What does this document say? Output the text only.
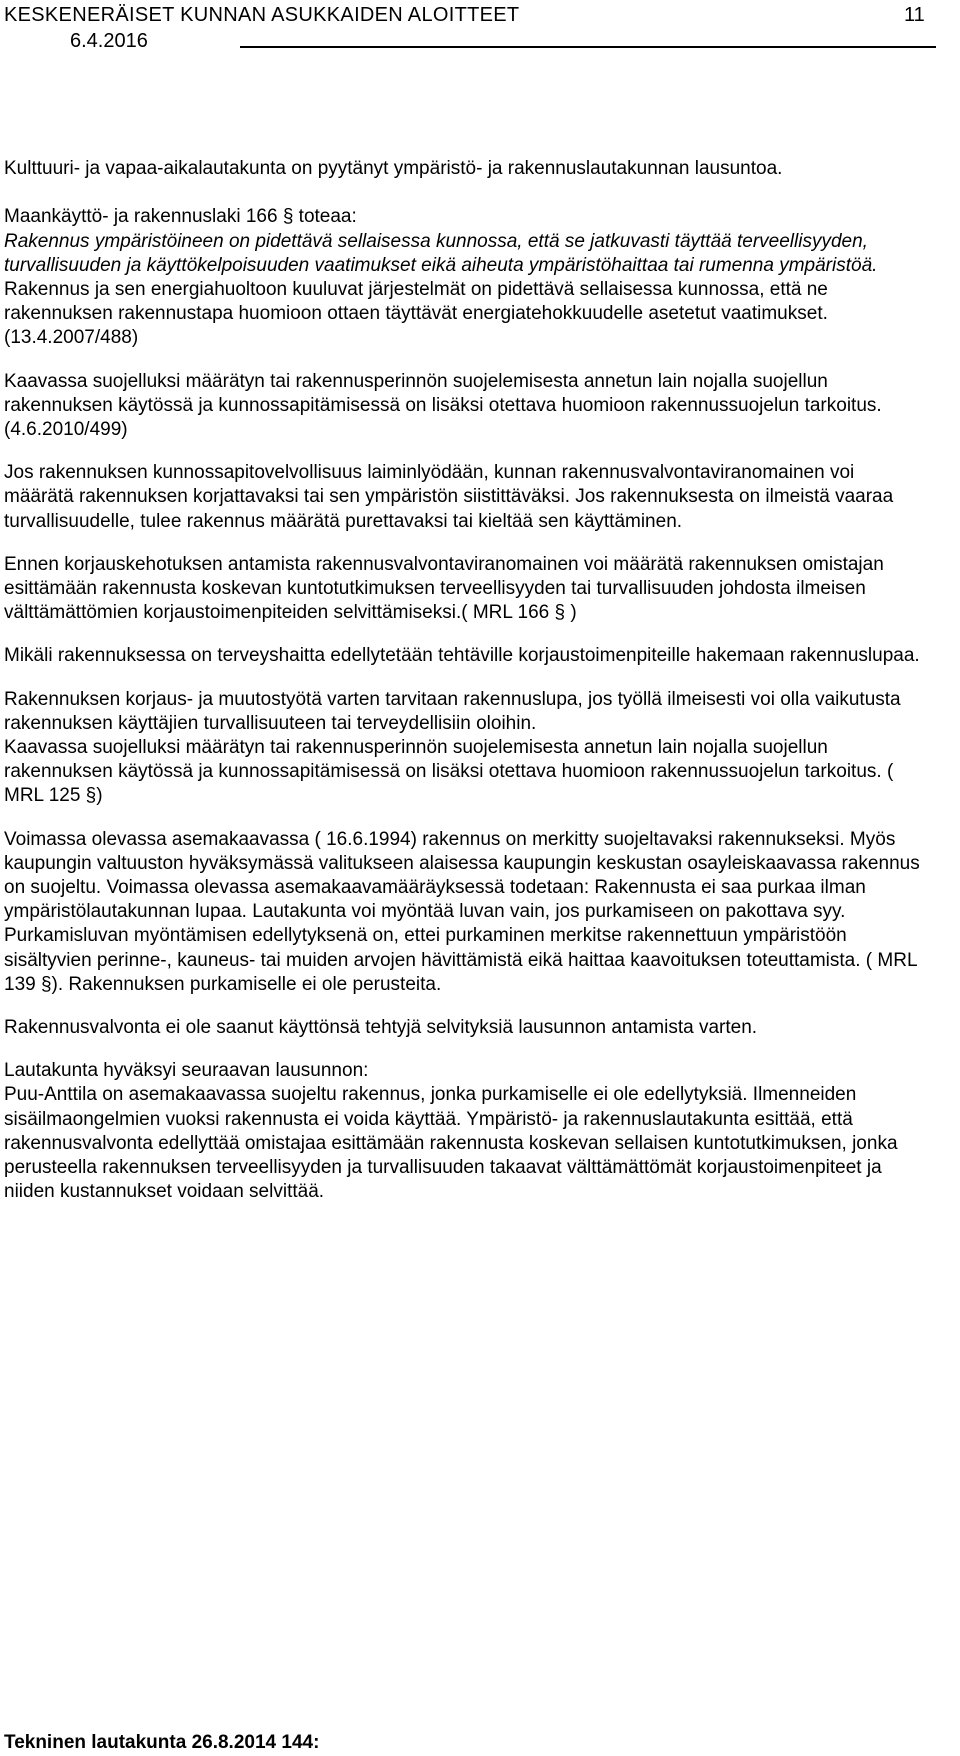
KESKENERÄISET KUNNAN ASUKKAIDEN ALOITTEET	11
6.4.2016

Kulttuuri- ja vapaa-aikalautakunta on pyytänyt ympäristö- ja rakennuslautakunnan lausuntoa.

Maankäyttö- ja rakennuslaki 166 § toteaa:

Rakennus ympäristöineen on pidettävä sellaisessa kunnossa, että se jatkuvasti täyttää terveellisyyden, turvallisuuden ja käyttökelpoisuuden vaatimukset eikä aiheuta ympäristöhaittaa tai rumenna ympäristöä. Rakennus ja sen energiahuoltoon kuuluvat järjestelmät on pidettävä sellaisessa kunnossa, että ne rakennuksen rakennustapa huomioon ottaen täyttävät energiatehokkuudelle asetetut vaatimukset. (13.4.2007/488)

Kaavassa suojelluksi määrätyn tai rakennusperinnön suojelemisesta annetun lain nojalla suojellun rakennuksen käytössä ja kunnossapitämisessä on lisäksi otettava huomioon rakennussuojelun tarkoitus. (4.6.2010/499)

Jos rakennuksen kunnossapitovelvollisuus laiminlyödään, kunnan rakennusvalvontaviranomainen voi määrätä rakennuksen korjattavaksi tai sen ympäristön siistittäväksi. Jos rakennuksesta on ilmeistä vaaraa turvallisuudelle, tulee rakennus määrätä purettavaksi tai kieltää sen käyttäminen.

Ennen korjauskehotuksen antamista rakennusvalvontaviranomainen voi määrätä rakennuksen omistajan esittämään rakennusta koskevan kuntotutkimuksen terveellisyyden tai turvallisuuden johdosta ilmeisen välttämättömien korjaustoimenpiteiden selvittämiseksi.( MRL 166 § )

Mikäli rakennuksessa on terveyshaitta edellytetään tehtäville korjaustoimenpiteille hakemaan rakennuslupaa.

Rakennuksen korjaus- ja muutostyötä varten tarvitaan rakennuslupa, jos työllä ilmeisesti voi olla vaikutusta rakennuksen käyttäjien turvallisuuteen tai terveydellisiin oloihin.

Kaavassa suojelluksi määrätyn tai rakennusperinnön suojelemisesta annetun lain nojalla suojellun rakennuksen käytössä ja kunnossapitämisessä on lisäksi otettava huomioon rakennussuojelun tarkoitus. ( MRL 125 §)

Voimassa olevassa asemakaavassa ( 16.6.1994) rakennus on merkitty suojeltavaksi rakennukseksi. Myös kaupungin valtuuston hyväksymässä valitukseen alaisessa kaupungin keskustan osayleiskaavassa rakennus on suojeltu. Voimassa olevassa asemakaavamääräyksessä todetaan: Rakennusta ei saa purkaa ilman ympäristölautakunnan lupaa. Lautakunta voi myöntää luvan vain, jos purkamiseen on pakottava syy. Purkamisluvan myöntämisen edellytyksenä on, ettei purkaminen merkitse rakennettuun ympäristöön sisältyvien perinne-, kauneus- tai muiden arvojen hävittämistä eikä haittaa kaavoituksen toteuttamista. ( MRL 139 §). Rakennuksen purkamiselle ei ole perusteita.

Rakennusvalvonta ei ole saanut käyttönsä tehtyjä selvityksiä lausunnon antamista varten.

Lautakunta hyväksyi seuraavan lausunnon:

Puu-Anttila on asemakaavassa suojeltu rakennus, jonka purkamiselle ei ole edellytyksiä. Ilmenneiden sisäilmaongelmien vuoksi rakennusta ei voida käyttää. Ympäristö- ja rakennuslautakunta esittää, että rakennusvalvonta edellyttää omistajaa esittämään rakennusta koskevan sellaisen kuntotutkimuksen, jonka perusteella rakennuksen terveellisyyden ja turvallisuuden takaavat välttämättömät korjaustoimenpiteet ja niiden kustannukset voidaan selvittää.

Tekninen lautakunta 26.8.2014 144:
